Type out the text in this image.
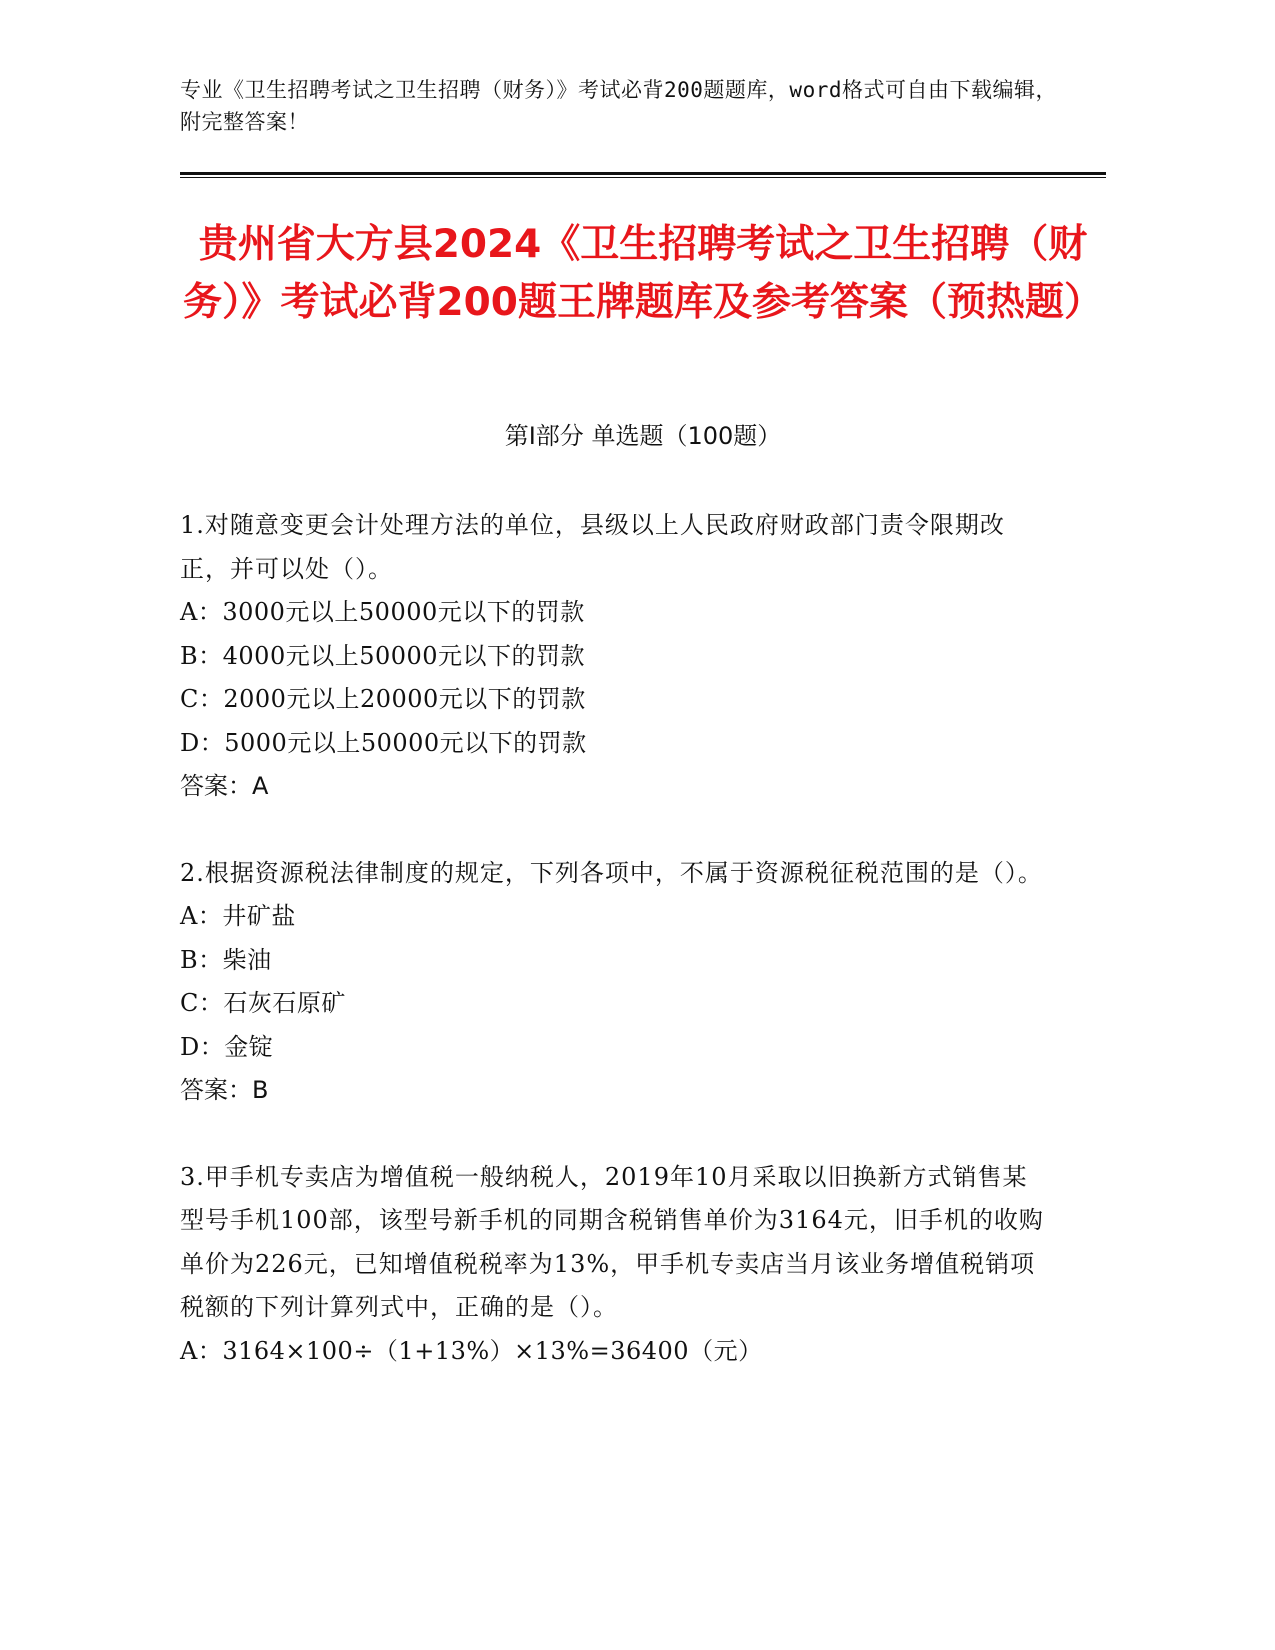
专业《卫生招聘考试之卫生招聘（财务）》考试必背200题题库，word格式可自由下载编辑，附完整答案！
贵州省大方县2024《卫生招聘考试之卫生招聘（财务）》考试必背200题王牌题库及参考答案（预热题）
第I部分 单选题（100题）

1.对随意变更会计处理方法的单位，县级以上人民政府财政部门责令限期改正，并可以处（）。

A：3000元以上50000元以下的罚款

B：4000元以上50000元以下的罚款

C：2000元以上20000元以下的罚款

D：5000元以上50000元以下的罚款

答案：A

2.根据资源税法律制度的规定，下列各项中，不属于资源税征税范围的是（）。

A：井矿盐

B：柴油

C：石灰石原矿

D：金锭

答案：B

3.甲手机专卖店为增值税一般纳税人，2019年10月采取以旧换新方式销售某型号手机100部，该型号新手机的同期含税销售单价为3164元，旧手机的收购单价为226元，已知增值税税率为13%，甲手机专卖店当月该业务增值税销项税额的下列计算列式中，正确的是（）。

A：3164×100÷（1+13%）×13%=36400（元）
